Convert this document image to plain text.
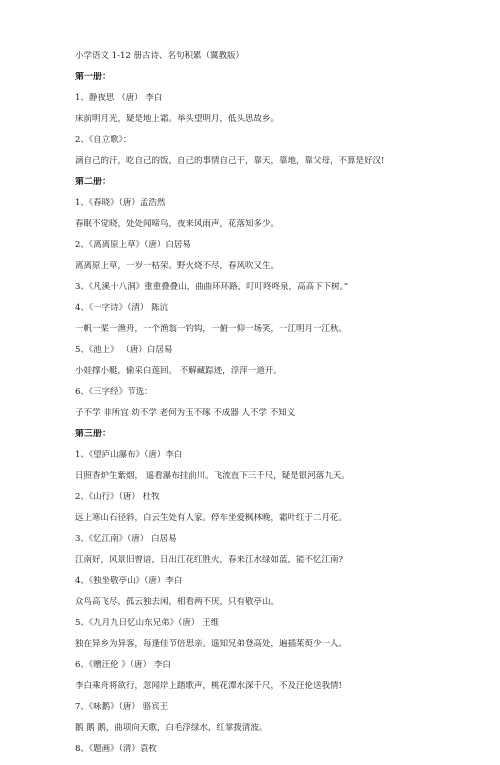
小学语文 1-12 册古诗、名句积累（冀教版）
第一册：
1、静夜思 （唐） 李白
床前明月光，疑是地上霜。举头望明月，低头思故乡。
2、《自立歌》：
滴自己的汗，吃自己的饭，自己的事情自己干，靠天，靠地，靠父母，不算是好汉!
第二册：
1、《春晓》（唐）孟浩然
春眠不觉晓，处处闻啼鸟，夜来风雨声，花落知多少。
2、《离离原上草》（唐）白居易
离离原上草，一岁一枯荣。野火烧不尽，春风吹又生。
3、《凡溪十八洞》重重叠叠山，曲曲环环路，叮叮咚咚泉，高高下下树。”
4、《一字诗》（清） 陈沆
一帆一桨一渔舟，一个渔翁一钓钩，一俯一仰一场笑，一江明月一江秋。
5、《池上》 （唐）白居易
小娃撑小艇，偷采白莲回。 不解藏踪迹，浮萍一道开。
6、《三字经》节选：
子不学 非所宜 幼不学 老何为玉不琢 不成器 人不学 不知义
第三册：
1、《望庐山瀑布》（唐）李白
日照香炉生紫烟， 遥看瀑布挂前川。飞流直下三千尺，疑是银河落九天。
2、《山行》（唐） 杜牧
远上寒山石径斜，白云生处有人家。停车坐爱枫林晚，霜叶红于二月花。
3、《忆江南》（唐） 白居易
江南好，风景旧曾谙，日出江花红胜火，春来江水绿如蓝，能不忆江南?
4、《独坐敬亭山》（唐）李白
众鸟高飞尽，孤云独去闲，相看两不厌，只有敬亭山。
5、《九月九日忆山东兄弟》（唐） 王维
独在异乡为异客，每逢佳节倍思亲。遥知兄弟登高处，遍插茱萸少一人。
6、《赠汪伦 》（唐） 李白
李白乘舟将欲行，忽闻岸上踏歌声，桃花潭水深千尺，不及汪伦送我情!
7、《咏鹅》（唐） 骆宾王
鹅 鹅 鹅，曲项向天歌，白毛浮绿水，红掌拨清波。
8、《题画》（清）袁枚
